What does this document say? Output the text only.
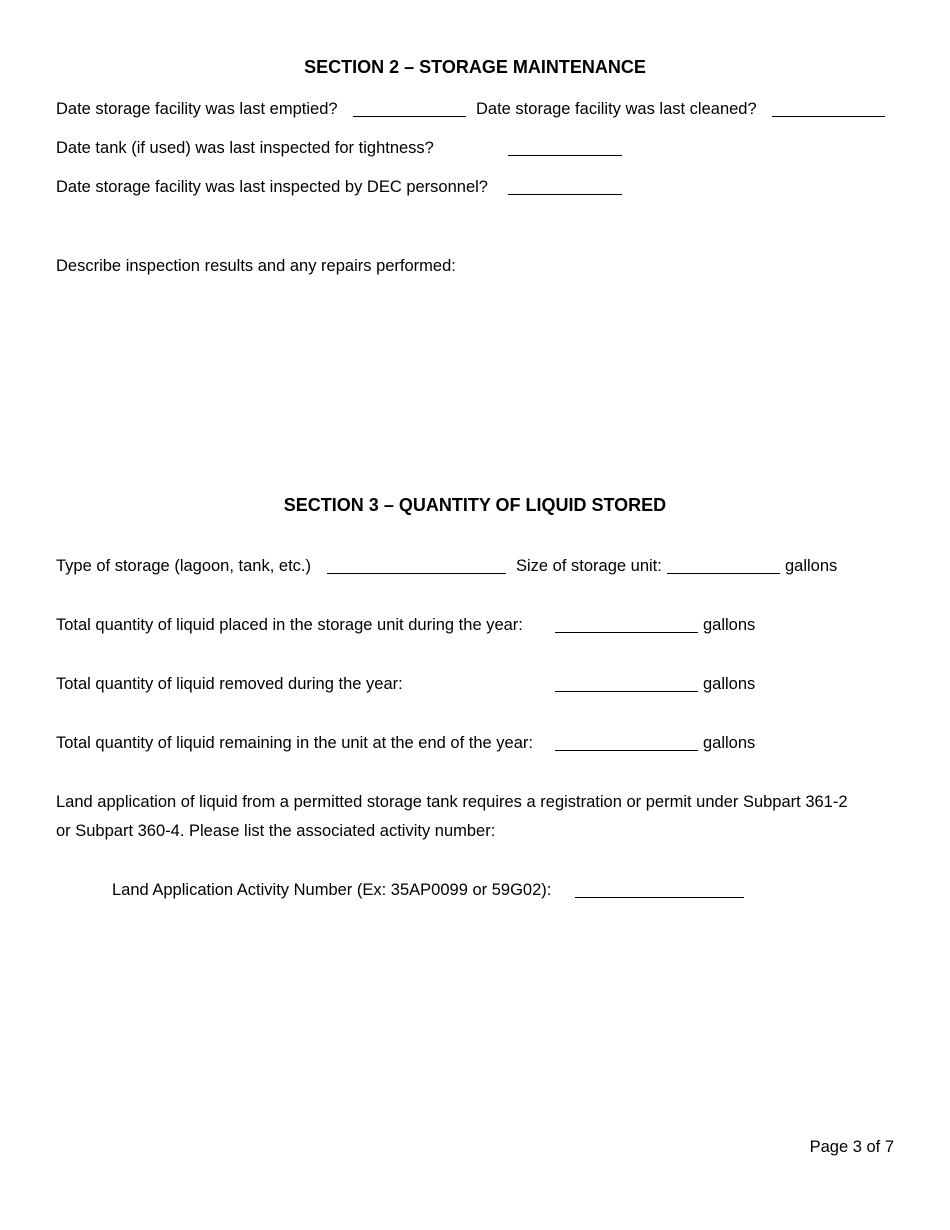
SECTION 2 – STORAGE MAINTENANCE
Date storage facility was last emptied?	Date storage facility was last cleaned?
Date tank (if used) was last inspected for tightness?
Date storage facility was last inspected by DEC personnel?
Describe inspection results and any repairs performed:
SECTION 3 – QUANTITY OF LIQUID STORED
Type of storage (lagoon, tank, etc.)	Size of storage unit:	gallons
Total quantity of liquid placed in the storage unit during the year:	gallons
Total quantity of liquid removed during the year:	gallons
Total quantity of liquid remaining in the unit at the end of the year:	gallons
Land application of liquid from a permitted storage tank requires a registration or permit under Subpart 361-2
or Subpart 360-4. Please list the associated activity number:
Land Application Activity Number (Ex: 35AP0099 or 59G02):
Page 3 of 7
